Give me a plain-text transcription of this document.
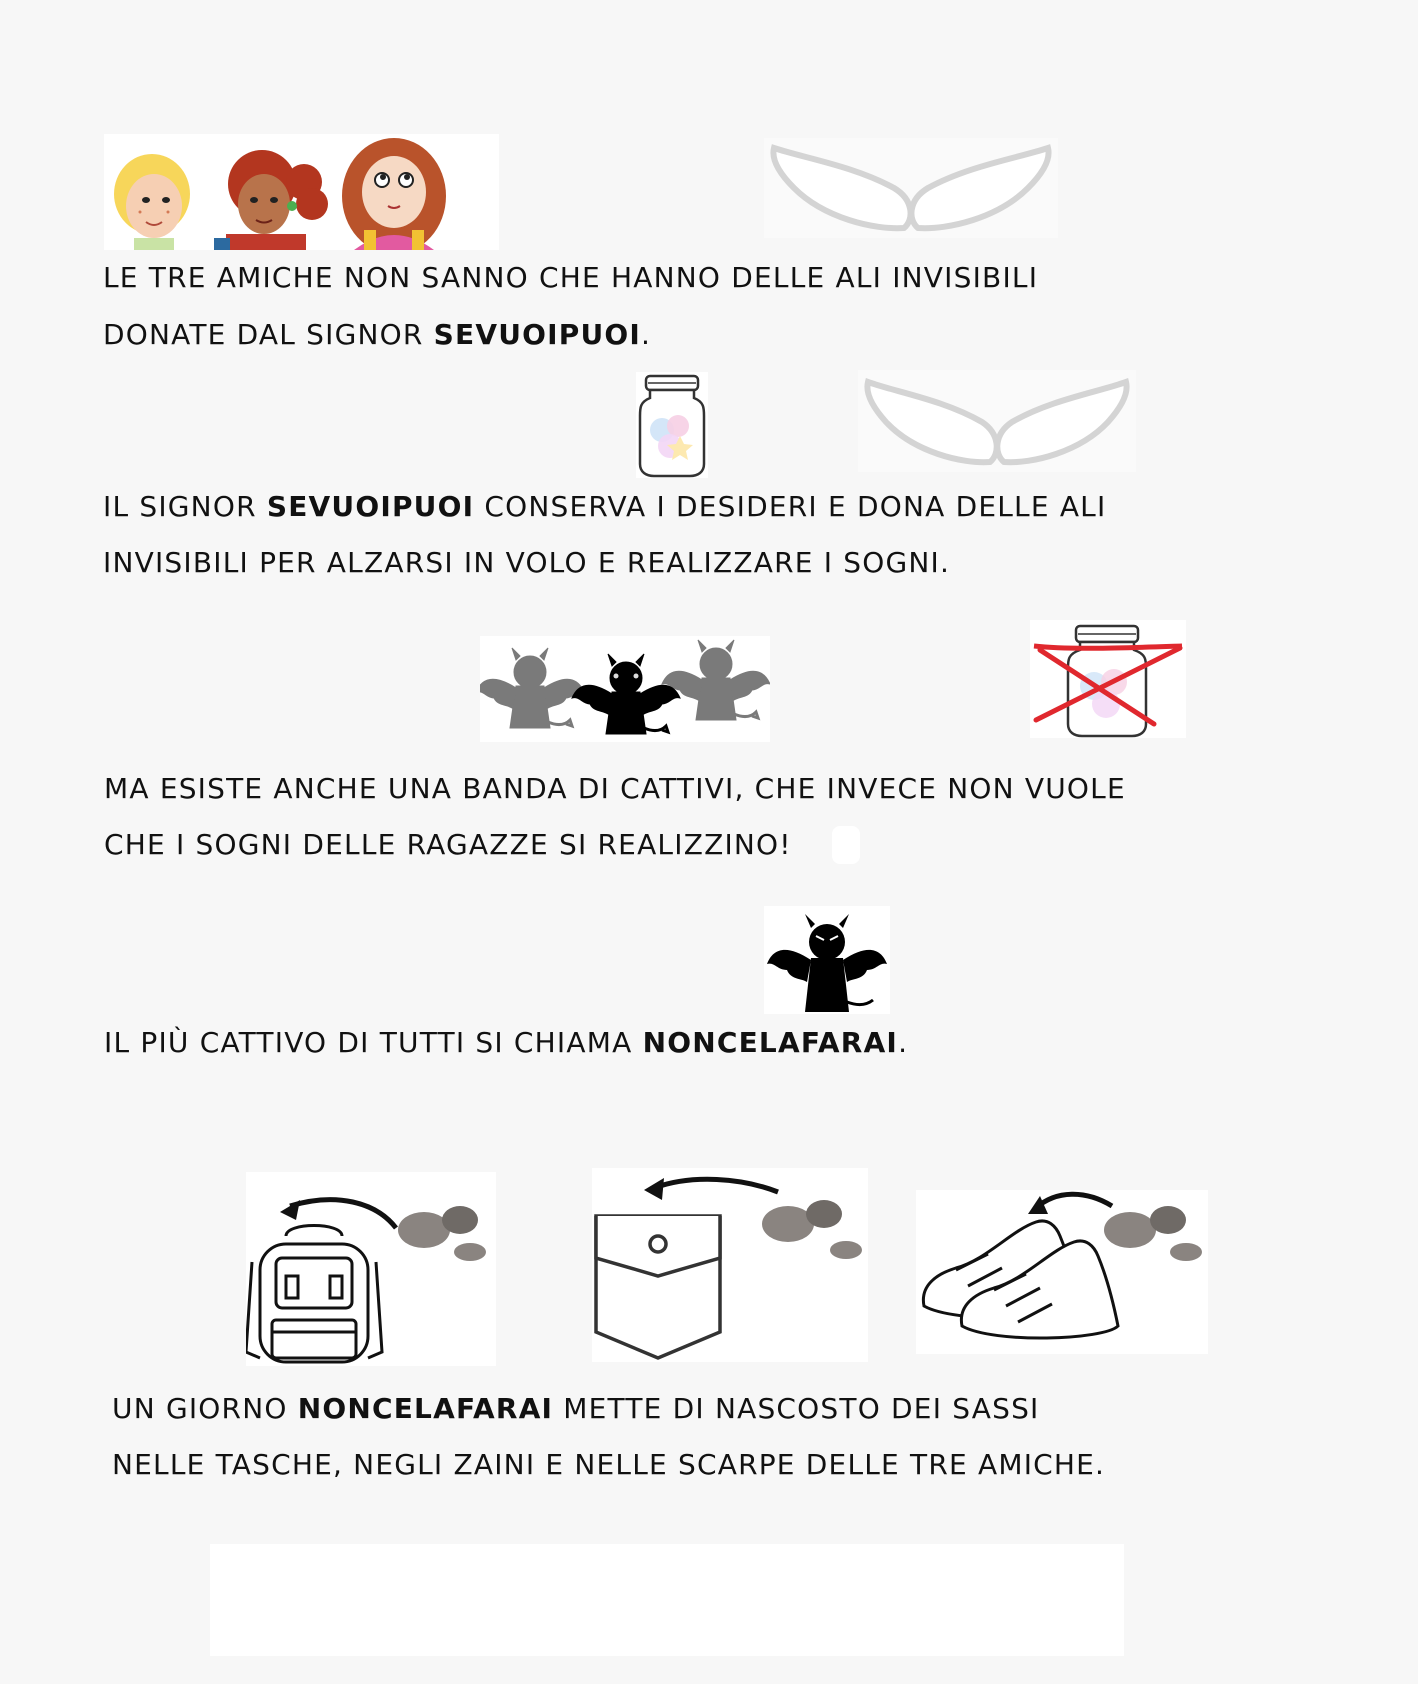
LE TRE AMICHE NON SANNO CHE HANNO DELLE ALI INVISIBILI
DONATE DAL SIGNOR SEVUOIPUOI.
IL SIGNOR SEVUOIPUOI CONSERVA I DESIDERI E DONA DELLE ALI
INVISIBILI PER ALZARSI IN VOLO E REALIZZARE I SOGNI.
MA ESISTE ANCHE UNA BANDA DI CATTIVI, CHE INVECE NON VUOLE
CHE I SOGNI DELLE RAGAZZE SI REALIZZINO!
IL PIÙ CATTIVO DI TUTTI SI CHIAMA NONCELAFARAI.
UN GIORNO NONCELAFARAI METTE DI NASCOSTO DEI SASSI
NELLE TASCHE, NEGLI ZAINI E NELLE SCARPE DELLE TRE AMICHE.
